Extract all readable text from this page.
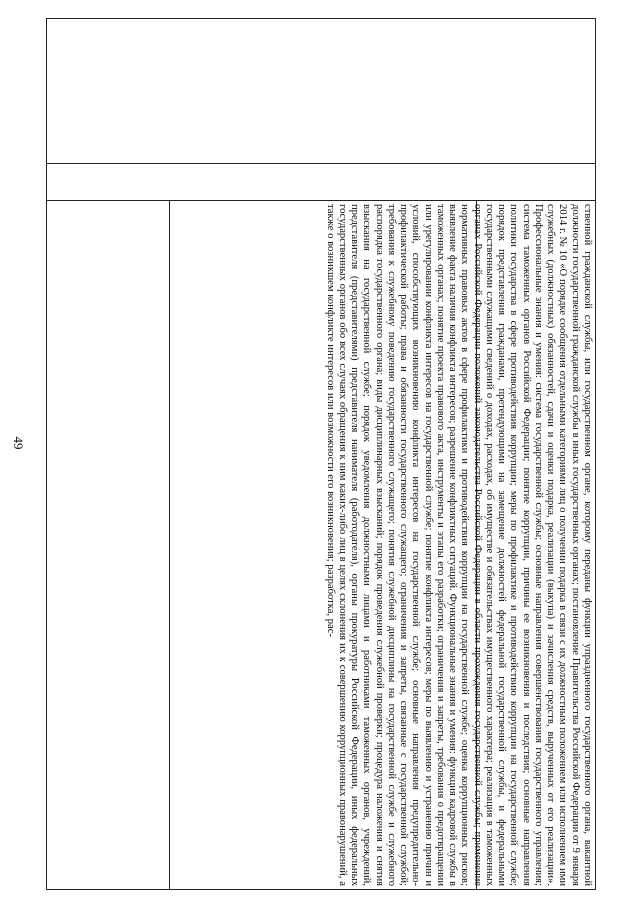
49	ственной гражданской службы, или государственном органе, которому переданы функции упраздненного государственного органа, вакантной должности государственной гражданской службы в иных государственных органах; постановление Правительства Российской Федерации от 9 января 2014 г. № 10 «О порядке сообщения отдельными категориями лиц о получении подарка в связи с их должностным положением или исполнением ими служебных (должностных) обязанностей, сдачи и оценки подарка, реализации (выкупа) и зачисления средств, вырученных от его реализации». Профессиональные знания и умения: система государственной службы; основные направления совершенствования государственного управления; система таможенных органов Российской Федерации; понятие коррупции, причины ее возникновения и последствия; основные направления политики государства в сфере противодействия коррупции; меры по профилактике и противодействию коррупции на государственной службе; порядок представления гражданами, претендующими на замещение должностей федеральной государственной службы, и федеральными государственными служащими сведений о доходах, расходах, об имуществе и обязательствах имущественного характера; реализация в таможенных органах Российской Федерации положений законодательства Российской Федерации в области прохождения государственной службы; применение нормативных правовых актов в сфере профилактики и противодействия коррупции на государственной службе; оценка коррупционных рисков; выявление факта наличия конфликта интересов; разрешение конфликтных ситуаций. Функциональные знания и умения: функция кадровой службы в таможенных органах; понятие проекта правового акта, инструменты и этапы его разработки; ограничения и запреты, требования о предотвращении или урегулировании конфликта интересов на государственной службе; понятие конфликта интересов; меры по выявлению и устранению причин и условий, способствующих возникновению конфликта интересов на государственной службе; основные направления предупредительно-профилактической работы; права и обязанности государственного служащего; ограничения и запреты, связанные с государственной службой; требования к служебному поведению государственного служащего; понятия служебной дисциплины на государственной службе и служебного распорядка государственного органа; виды дисциплинарных взысканий; порядок проведения служебной проверки; процедура наложения и снятия взыскания на государственной службе; порядок уведомления должностными лицами и работниками таможенных органов, учреждений, представителя (представителями) представителя нанимателя (работодателя), органы прокуратуры Российской Федерации, иных федеральных государственных органов обо всех случаях обращения к ним каких-либо лиц в целях склонения их к совершению коррупционных правонарушений, а также о возникшем конфликте интересов или возможности его возникновения; разработка, рас-
